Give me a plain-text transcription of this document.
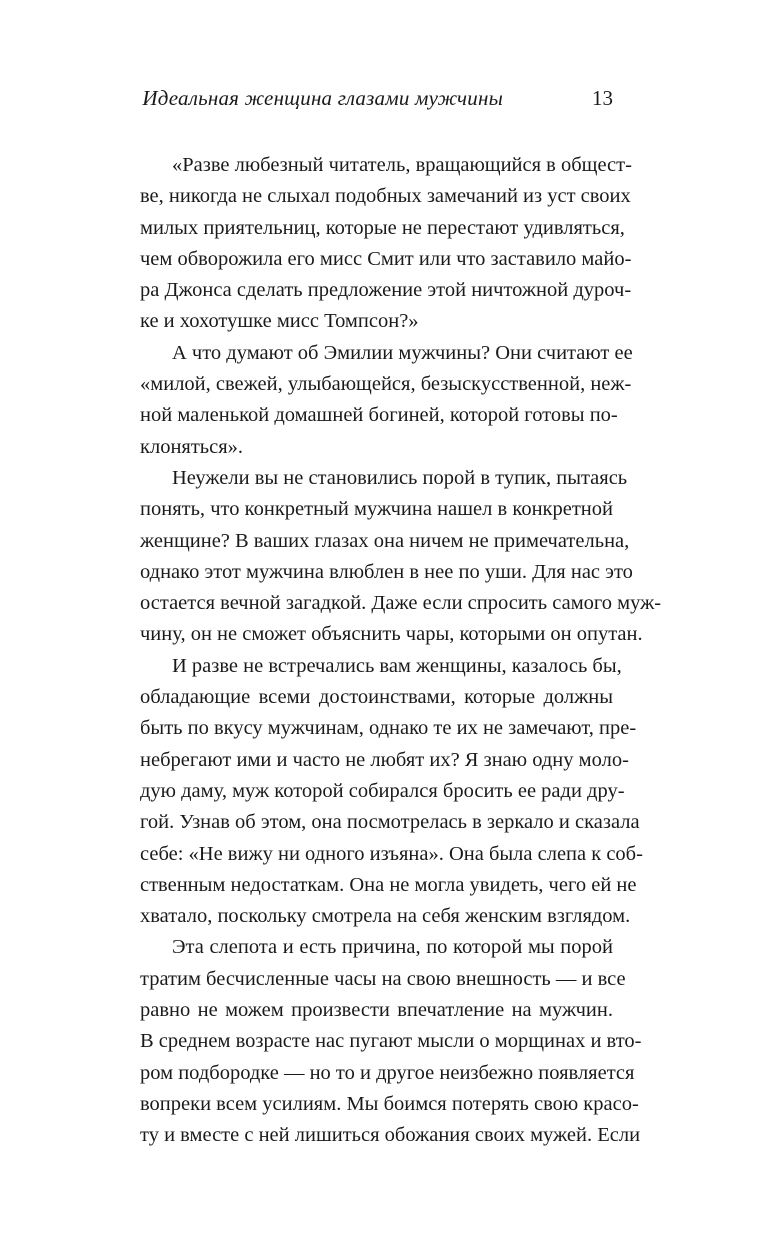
Идеальная женщина глазами мужчины	13
«Разве любезный читатель, вращающийся в общест-
ве, никогда не слыхал подобных замечаний из уст своих
милых приятельниц, которые не перестают удивляться,
чем обворожила его мисс Смит или что заставило майо-
ра Джонса сделать предложение этой ничтожной дуроч-
ке и хохотушке мисс Томпсон?»
А что думают об Эмилии мужчины? Они считают ее
«милой, свежей, улыбающейся, безыскусственной, неж-
ной маленькой домашней богиней, которой готовы по-
клоняться».
Неужели вы не становились порой в тупик, пытаясь
понять, что конкретный мужчина нашел в конкретной
женщине? В ваших глазах она ничем не примечательна,
однако этот мужчина влюблен в нее по уши. Для нас это
остается вечной загадкой. Даже если спросить самого муж-
чину, он не сможет объяснить чары, которыми он опутан.
И разве не встречались вам женщины, казалось бы,
обладающие всеми достоинствами, которые должны
быть по вкусу мужчинам, однако те их не замечают, пре-
небрегают ими и часто не любят их? Я знаю одну моло-
дую даму, муж которой собирался бросить ее ради дру-
гой. Узнав об этом, она посмотрелась в зеркало и сказала
себе: «Не вижу ни одного изъяна». Она была слепа к соб-
ственным недостаткам. Она не могла увидеть, чего ей не
хватало, поскольку смотрела на себя женским взглядом.
Эта слепота и есть причина, по которой мы порой
тратим бесчисленные часы на свою внешность — и все
равно не можем произвести впечатление на мужчин.
В среднем возрасте нас пугают мысли о морщинах и вто-
ром подбородке — но то и другое неизбежно появляется
вопреки всем усилиям. Мы боимся потерять свою красо-
ту и вместе с ней лишиться обожания своих мужей. Если
